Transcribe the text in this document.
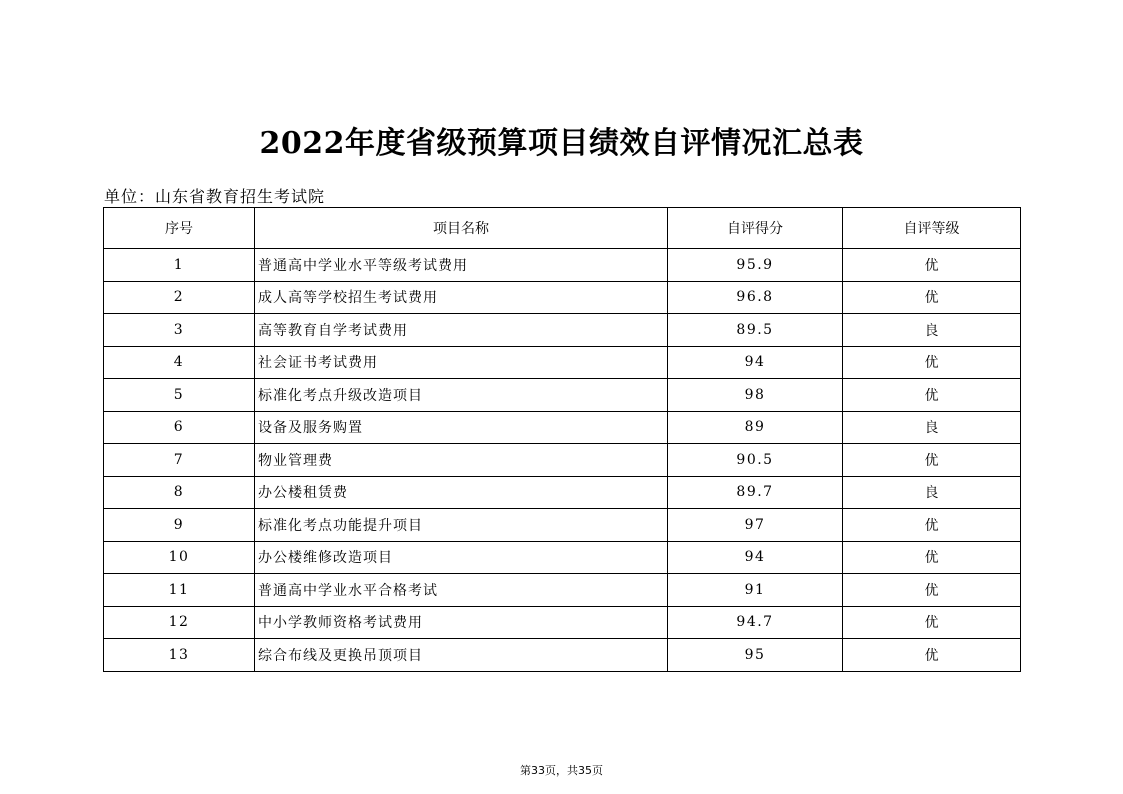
2022年度省级预算项目绩效自评情况汇总表
单位：山东省教育招生考试院
序号	项目名称	自评得分	自评等级
1	普通高中学业水平等级考试费用	95.9	优
2	成人高等学校招生考试费用	96.8	优
3	高等教育自学考试费用	89.5	良
4	社会证书考试费用	94	优
5	标准化考点升级改造项目	98	优
6	设备及服务购置	89	良
7	物业管理费	90.5	优
8	办公楼租赁费	89.7	良
9	标准化考点功能提升项目	97	优
10	办公楼维修改造项目	94	优
11	普通高中学业水平合格考试	91	优
12	中小学教师资格考试费用	94.7	优
13	综合布线及更换吊顶项目	95	优
第33页，共35页
